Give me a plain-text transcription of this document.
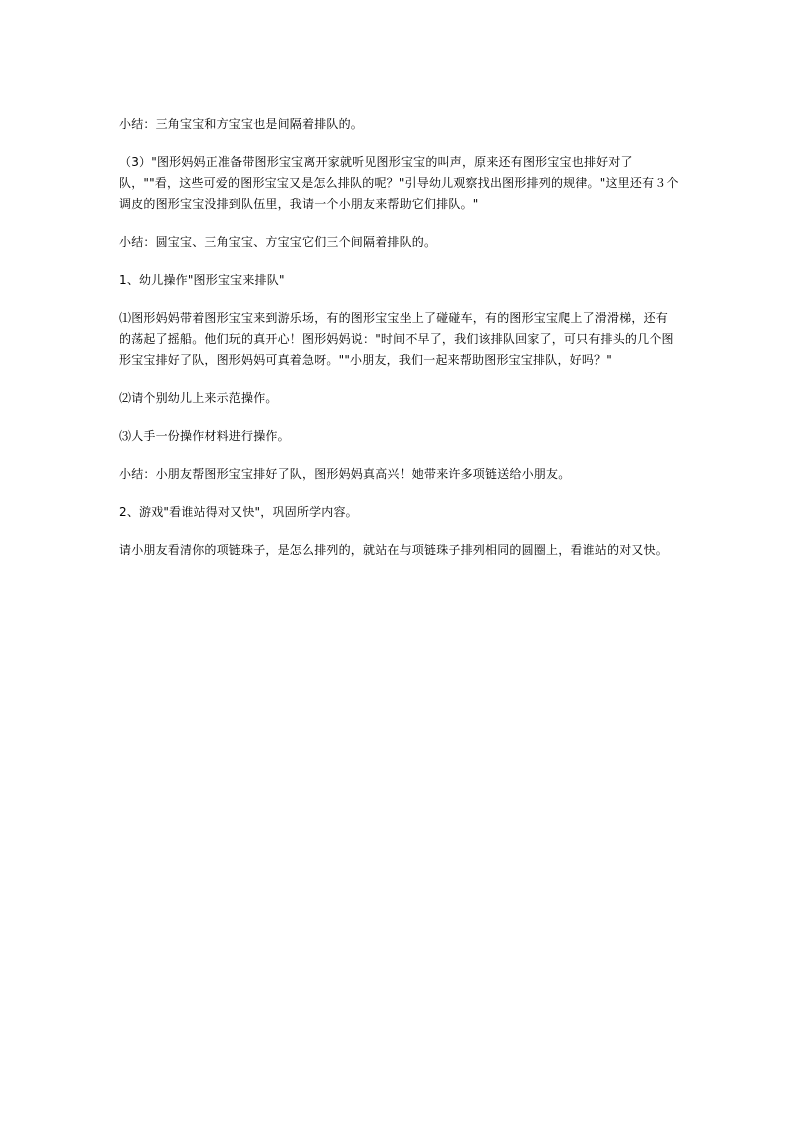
小结：三角宝宝和方宝宝也是间隔着排队的。

（3）"图形妈妈正准备带图形宝宝离开家就听见图形宝宝的叫声，原来还有图形宝宝也排好对了队，""看，这些可爱的图形宝宝又是怎么排队的呢？"引导幼儿观察找出图形排列的规律。"这里还有３个调皮的图形宝宝没排到队伍里，我请一个小朋友来帮助它们排队。"

小结：圆宝宝、三角宝宝、方宝宝它们三个间隔着排队的。

1、幼儿操作"图形宝宝来排队"

⑴图形妈妈带着图形宝宝来到游乐场，有的图形宝宝坐上了碰碰车，有的图形宝宝爬上了滑滑梯，还有的荡起了摇船。他们玩的真开心！图形妈妈说："时间不早了，我们该排队回家了，可只有排头的几个图形宝宝排好了队，图形妈妈可真着急呀。""小朋友，我们一起来帮助图形宝宝排队，好吗？"

⑵请个别幼儿上来示范操作。

⑶人手一份操作材料进行操作。

小结：小朋友帮图形宝宝排好了队，图形妈妈真高兴！她带来许多项链送给小朋友。

2、游戏"看谁站得对又快"，巩固所学内容。

请小朋友看清你的项链珠子，是怎么排列的，就站在与项链珠子排列相同的圆圈上，看谁站的对又快。
